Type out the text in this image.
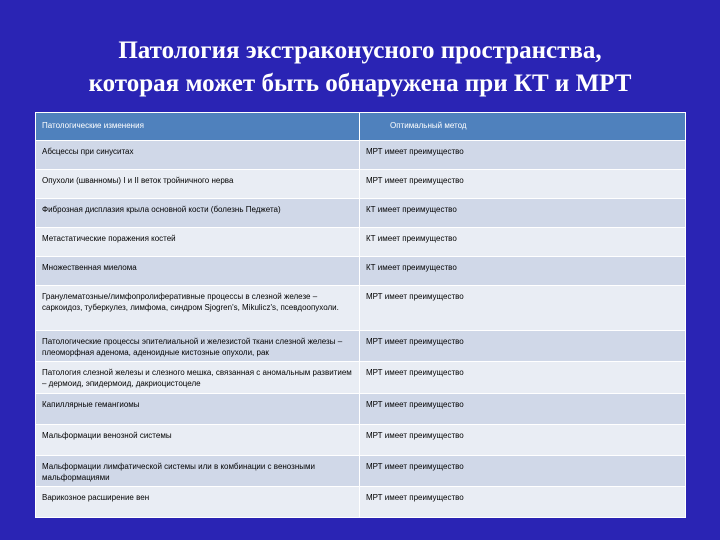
Патология экстраконусного пространства,
которая может быть обнаружена при КТ и МРТ
Патологические изменения	Оптимальный метод
Абсцессы при синуситах	МРТ имеет преимущество
Опухоли (шванномы) I и II веток тройничного нерва	МРТ имеет преимущество
Фиброзная дисплазия крыла основной кости (болезнь Педжета)	КТ имеет преимущество
Метастатические поражения костей	КТ имеет преимущество
Множественная миелома	КТ имеет преимущество
Гранулематозные/лимфопролиферативные процессы в слезной железе – саркоидоз, туберкулез, лимфома, синдром Sjogren's, Mikulicz's, псевдоопухоли.	МРТ имеет преимущество
Патологические процессы эпителиальной и железистой ткани слезной железы – плеоморфная аденома, аденоидные кистозные опухоли, рак	МРТ имеет преимущество
Патология слезной железы и слезного мешка, связанная с аномальным развитием – дермоид, эпидермоид, дакриоцистоцеле	МРТ имеет преимущество
Капиллярные гемангиомы	МРТ имеет преимущество
Мальформации венозной системы	МРТ имеет преимущество
Мальформации лимфатической системы или в комбинации с венозными мальформациями	МРТ имеет преимущество
Варикозное расширение вен	МРТ имеет преимущество
